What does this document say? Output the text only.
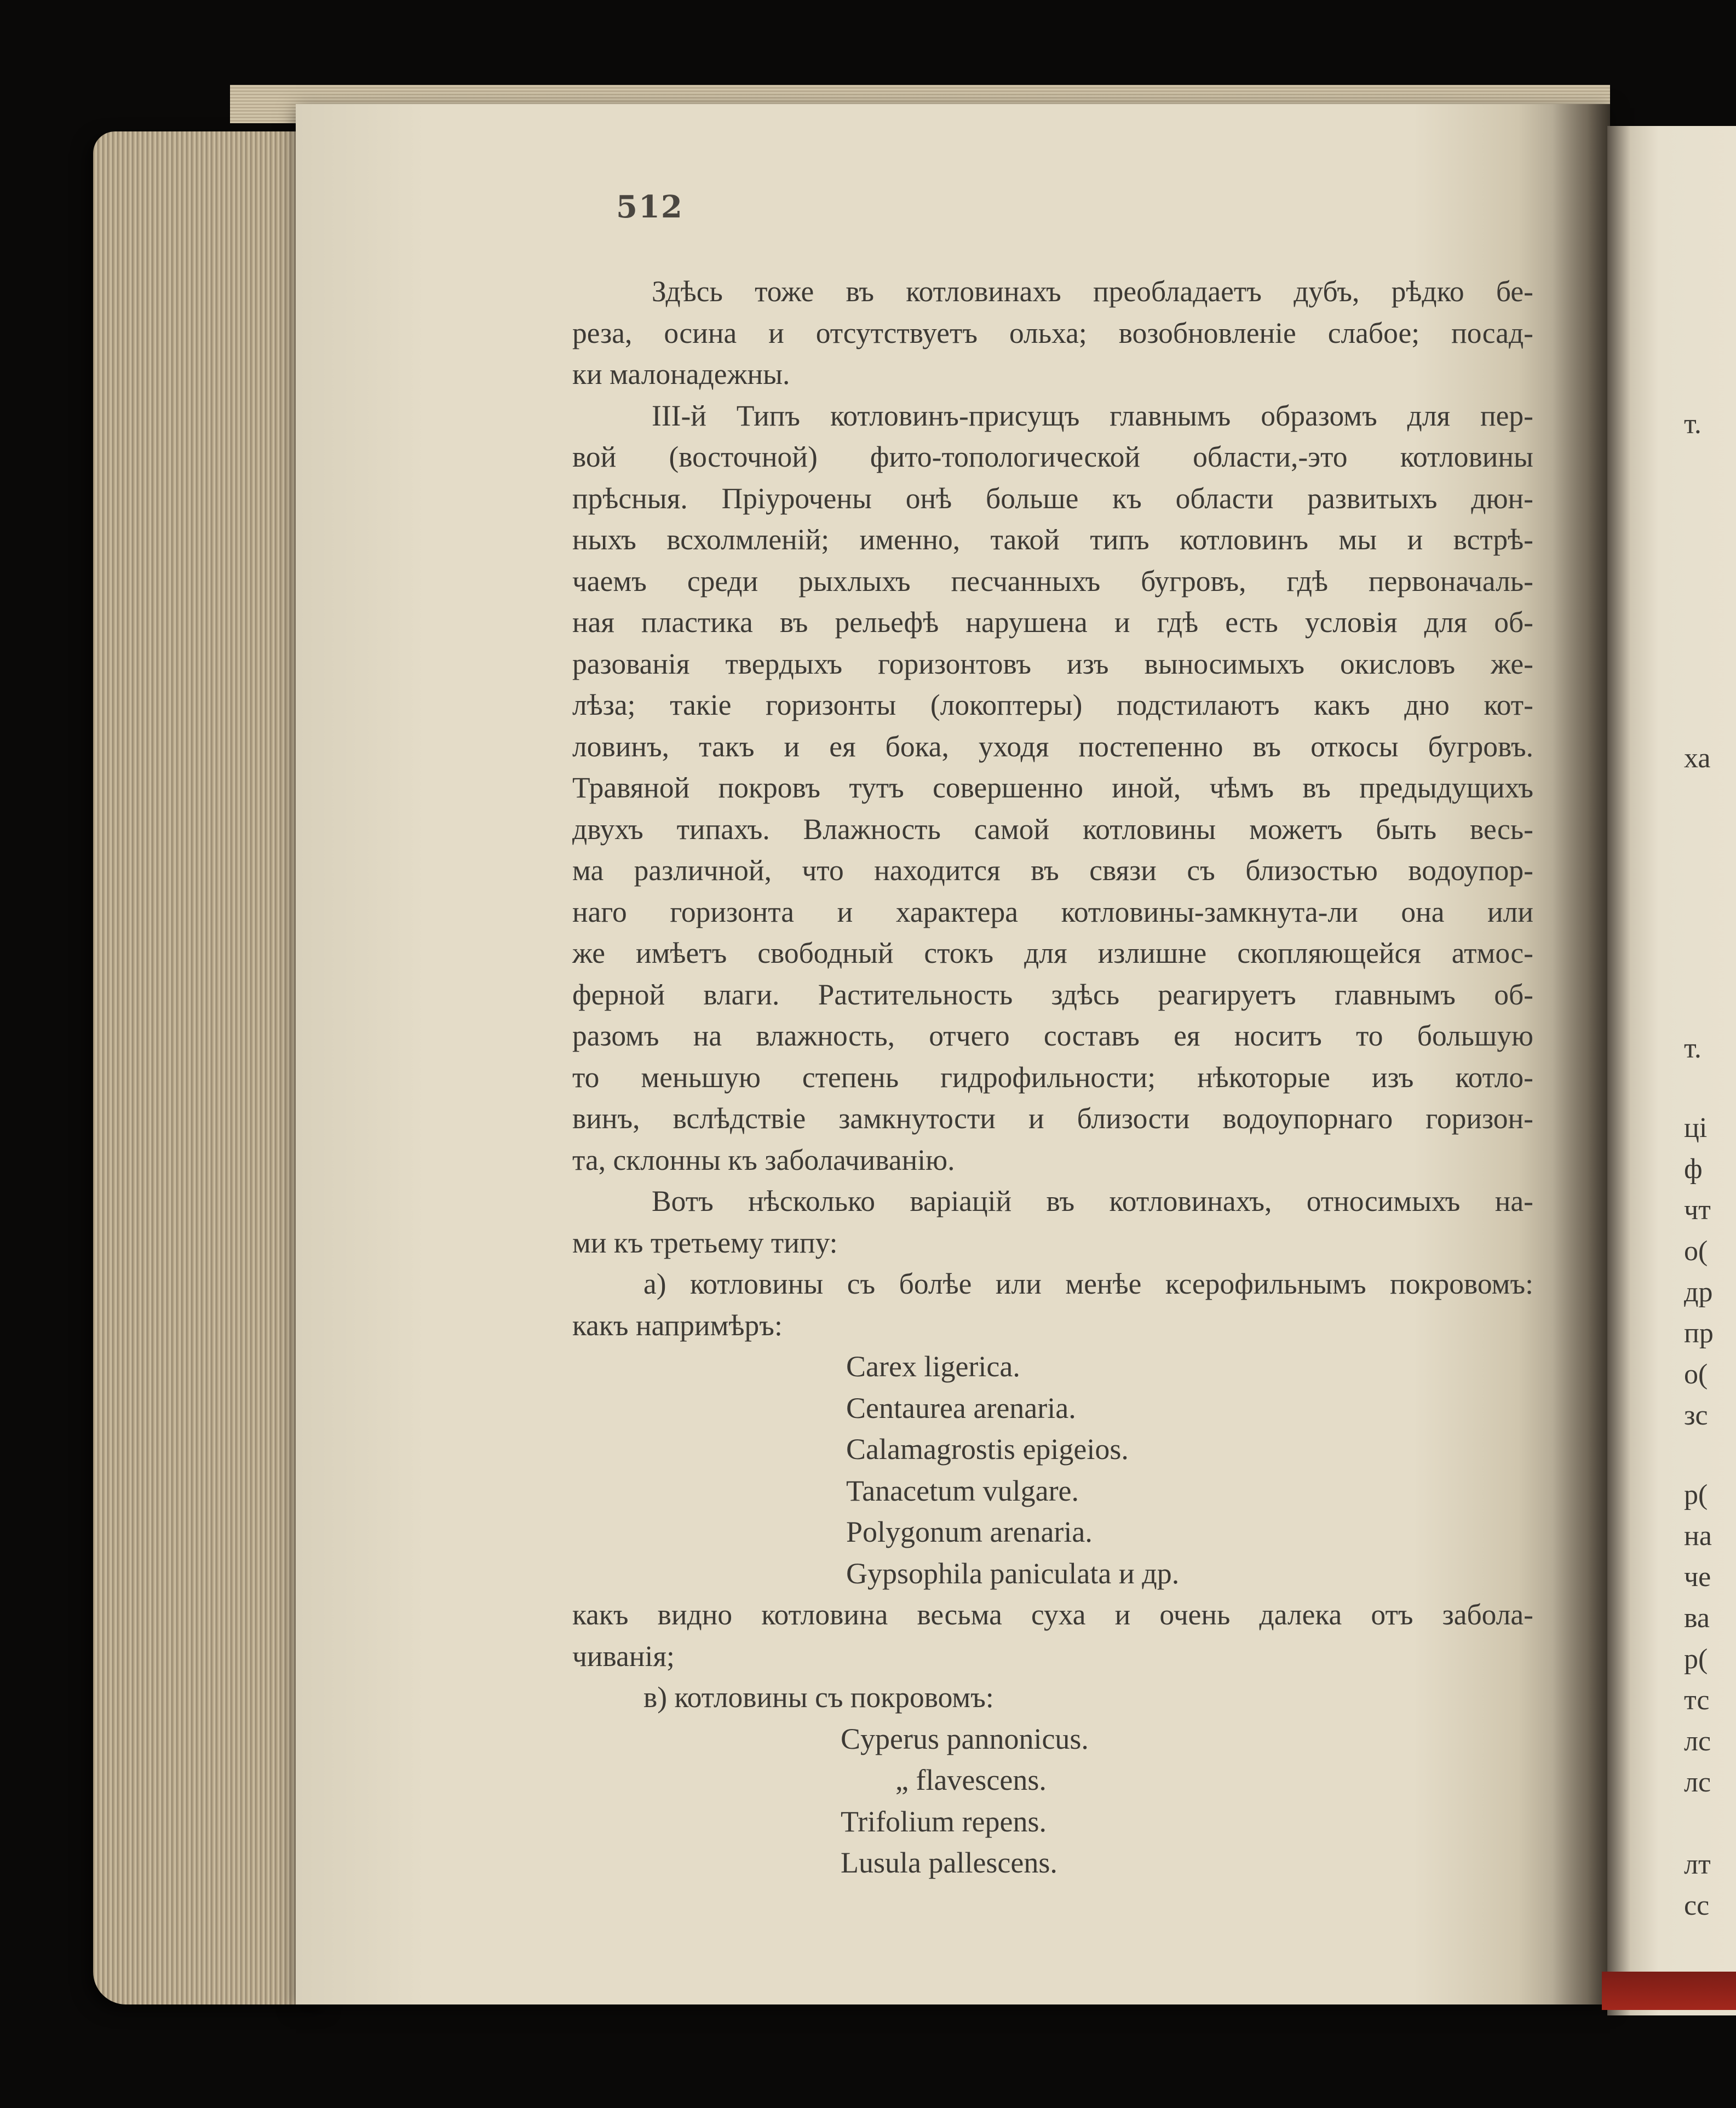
512
Здѣсь тоже въ котловинахъ преобладаетъ дубъ, рѣдко бе-
реза, осина и отсутствуетъ ольха; возобновленіе слабое; посад-
ки малонадежны.
III-й Типъ котловинъ-присущъ главнымъ образомъ для пер-
вой (восточной) фито-топологической области,-это котловины
прѣсныя. Пріурочены онѣ больше къ области развитыхъ дюн-
ныхъ всхолмленій; именно, такой типъ котловинъ мы и встрѣ-
чаемъ среди рыхлыхъ песчанныхъ бугровъ, гдѣ первоначаль-
ная пластика въ рельефѣ нарушена и гдѣ есть условія для об-
разованія твердыхъ горизонтовъ изъ выносимыхъ окисловъ же-
лѣза; такіе горизонты (локоптеры) подстилаютъ какъ дно кот-
ловинъ, такъ и ея бока, уходя постепенно въ откосы бугровъ.
Травяной покровъ тутъ совершенно иной, чѣмъ въ предыдущихъ
двухъ типахъ. Влажность самой котловины можетъ быть весь-
ма различной, что находится въ связи съ близостью водоупор-
наго горизонта и характера котловины-замкнута-ли она или
же имѣетъ свободный стокъ для излишне скопляющейся атмос-
ферной влаги. Растительность здѣсь реагируетъ главнымъ об-
разомъ на влажность, отчего составъ ея носитъ то большую
то меньшую степень гидрофильности; нѣкоторые изъ котло-
винъ, вслѣдствіе замкнутости и близости водоупорнаго горизон-
та, склонны къ заболачиванію.
Вотъ нѣсколько варіацій въ котловинахъ, относимыхъ на-
ми къ третьему типу:
а) котловины съ болѣе или менѣе ксерофильнымъ покровомъ:
какъ напримѣръ:
Carex ligerica.
Centaurea arenaria.
Calamagrostis epigeios.
Tanacetum vulgare.
Polygonum arenaria.
Gypsophila paniculata и др.
какъ видно котловина весьма суха и очень далека отъ забола-
чиванія;
в) котловины съ покровомъ:
Cyperus pannonicus.
„ flavescens.
Trifolium repens.
Lusula pallescens.
т.
ха
т.
ці
ф
чт
о(
др
пр
о(
зс
р(
на
че
ва
р(
тс
лс
лс
лт
сс
